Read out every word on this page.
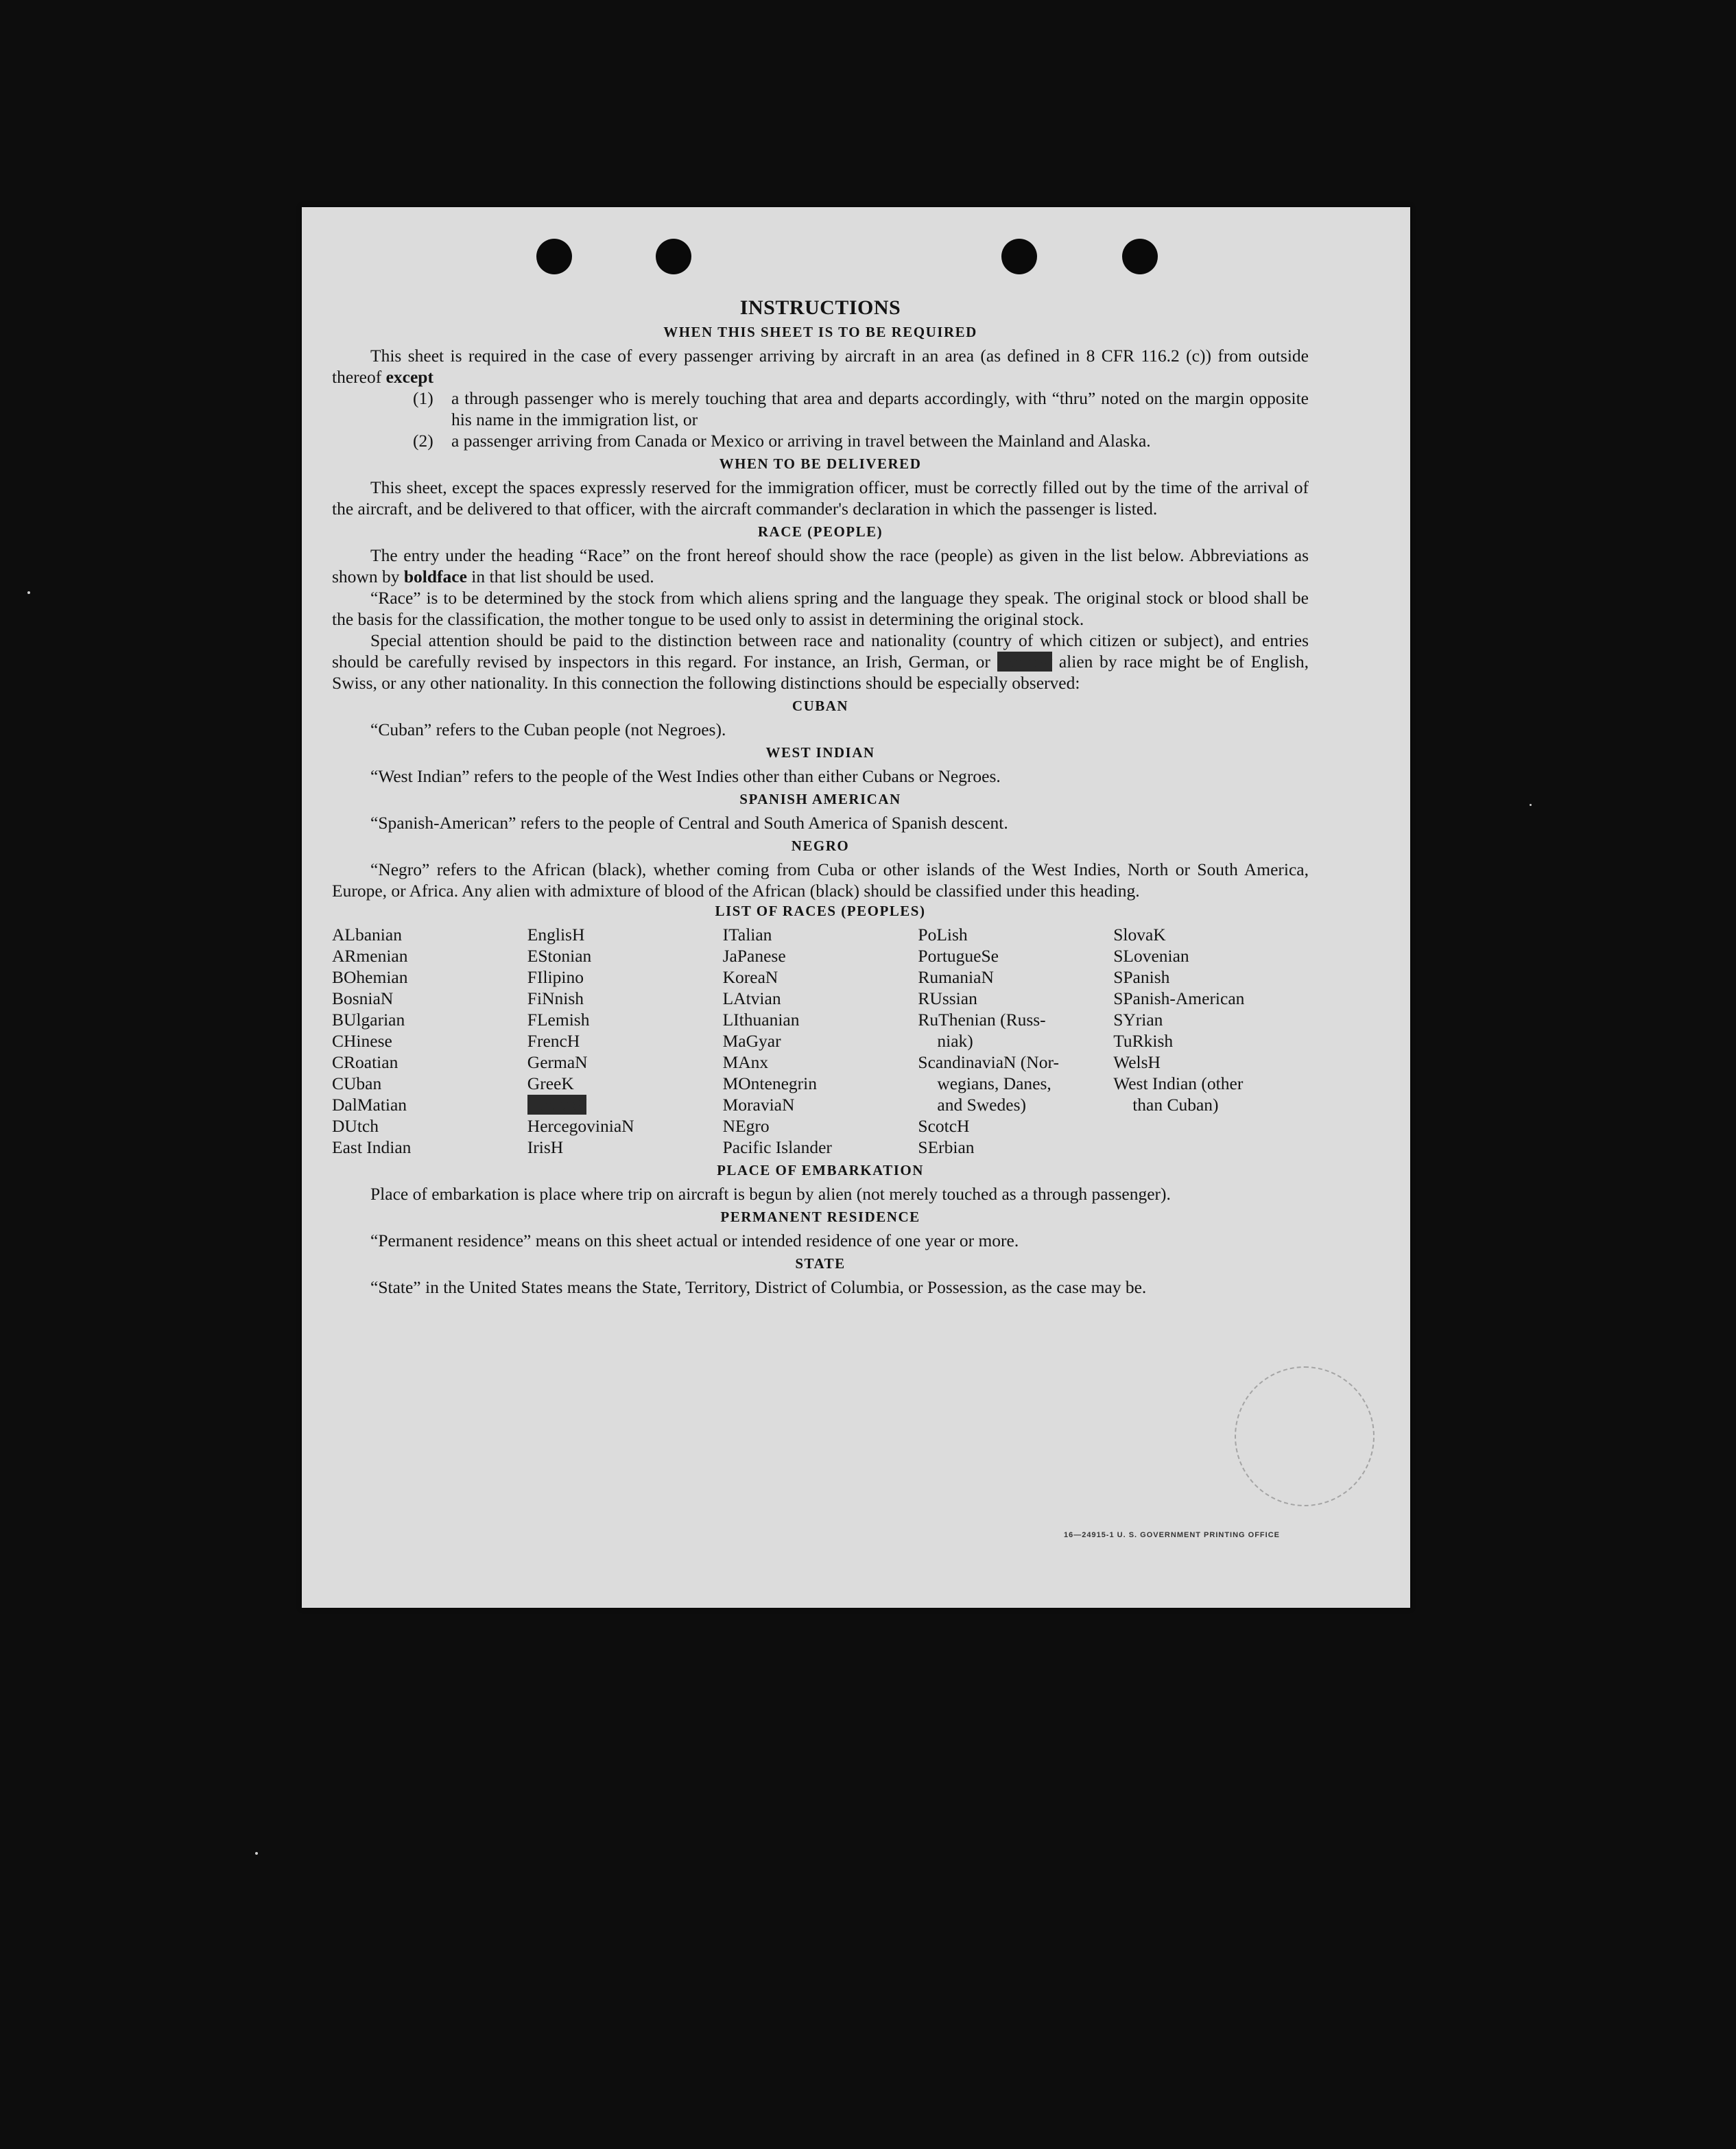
INSTRUCTIONS
WHEN THIS SHEET IS TO BE REQUIRED

This sheet is required in the case of every passenger arriving by aircraft in an area (as defined in 8 CFR 116.2 (c)) from outside thereof except

(1)	a through passenger who is merely touching that area and departs accordingly, with “thru” noted on the margin opposite his name in the immigration list, or
(2)	a passenger arriving from Canada or Mexico or arriving in travel between the Mainland and Alaska.
WHEN TO BE DELIVERED

This sheet, except the spaces expressly reserved for the immigration officer, must be correctly filled out by the time of the arrival of the aircraft, and be delivered to that officer, with the aircraft commander's declaration in which the passenger is listed.

RACE (PEOPLE)

The entry under the heading “Race” on the front hereof should show the race (people) as given in the list below. Abbreviations as shown by boldface in that list should be used.

“Race” is to be determined by the stock from which aliens spring and the language they speak. The original stock or blood shall be the basis for the classification, the mother tongue to be used only to assist in determining the original stock.

Special attention should be paid to the distinction between race and nationality (country of which citizen or subject), and entries should be carefully revised by inspectors in this regard. For instance, an Irish, German, or Hebrew alien by race might be of English, Swiss, or any other nationality. In this connection the following distinctions should be especially observed:

CUBAN

“Cuban” refers to the Cuban people (not Negroes).

WEST INDIAN

“West Indian” refers to the people of the West Indies other than either Cubans or Negroes.

SPANISH AMERICAN

“Spanish-American” refers to the people of Central and South America of Spanish descent.

NEGRO

“Negro” refers to the African (black), whether coming from Cuba or other islands of the West Indies, North or South America, Europe, or Africa. Any alien with admixture of blood of the African (black) should be classified under this heading.

LIST OF RACES (PEOPLES)
ALbanian
ARmenian
BOhemian
BosniaN
BUlgarian
CHinese
CRoatian
CUban
DalMatian
DUtch
East Indian
EnglisH
EStonian
FIlipino
FiNnish
FLemish
FrencH
GermaN
GreeK
HebreW
HercegoviniaN
IrisH
ITalian
JaPanese
KoreaN
LAtvian
LIthuanian
MaGyar
MAnx
MOntenegrin
MoraviaN
NEgro
Pacific Islander
PoLish
PortugueSe
RumaniaN
RUssian
RuThenian (Russ-
niak)
ScandinaviaN (Nor-
wegians, Danes,
and Swedes)
ScotcH
SErbian
SlovaK
SLovenian
SPanish
SPanish-American
SYrian
TuRkish
WelsH
West Indian (other
than Cuban)
PLACE OF EMBARKATION

Place of embarkation is place where trip on aircraft is begun by alien (not merely touched as a through passenger).

PERMANENT RESIDENCE

“Permanent residence” means on this sheet actual or intended residence of one year or more.

STATE

“State” in the United States means the State, Territory, District of Columbia, or Possession, as the case may be.

16—24915-1 U. S. GOVERNMENT PRINTING OFFICE
